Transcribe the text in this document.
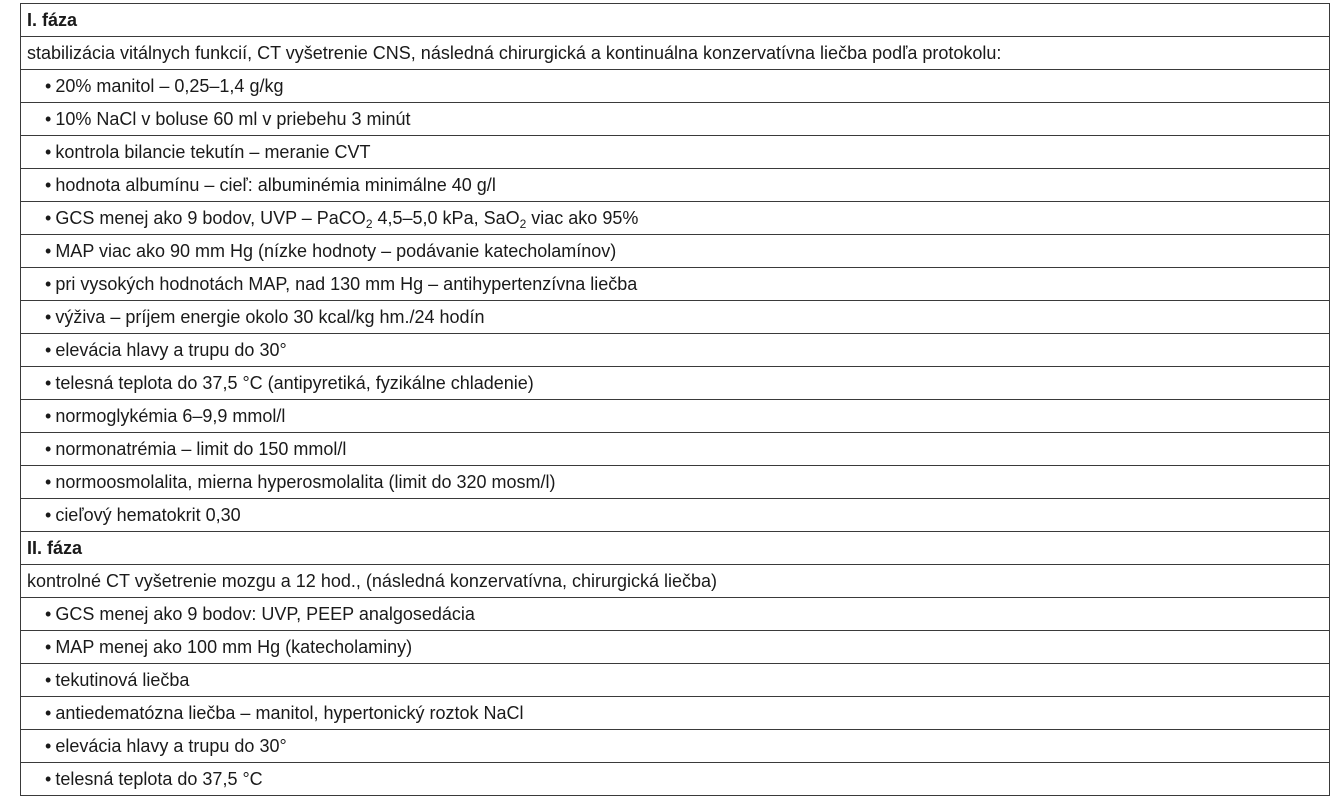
I. fáza
stabilizácia vitálnych funkcií, CT vyšetrenie CNS, následná chirurgická a kontinuálna konzervatívna liečba podľa protokolu:
• 20% manitol – 0,25–1,4 g/kg
• 10% NaCl v boluse 60 ml v priebehu 3 minút
• kontrola bilancie tekutín – meranie CVT
• hodnota albumínu – cieľ: albuminémia minimálne 40 g/l
• GCS menej ako 9 bodov, UVP – PaCO$_2$ 4,5–5,0 kPa, SaO$_2$ viac ako 95%
• MAP viac ako 90 mm Hg (nízke hodnoty – podávanie katecholamínov)
• pri vysokých hodnotách MAP, nad 130 mm Hg – antihypertenzívna liečba
• výživa – príjem energie okolo 30 kcal/kg hm./24 hodín
• elevácia hlavy a trupu do 30°
• telesná teplota do 37,5 °C (antipyretiká, fyzikálne chladenie)
• normoglykémia 6–9,9 mmol/l
• normonatrémia – limit do 150 mmol/l
• normoosmolalita, mierna hyperosmolalita (limit do 320 mosm/l)
• cieľový hematokrit 0,30
II. fáza
kontrolné CT vyšetrenie mozgu a 12 hod., (následná konzervatívna, chirurgická liečba)
• GCS menej ako 9 bodov: UVP, PEEP analgosedácia
• MAP menej ako 100 mm Hg (katecholaminy)
• tekutinová liečba
• antiedematózna liečba – manitol, hypertonický roztok NaCl
• elevácia hlavy a trupu do 30°
• telesná teplota do 37,5 °C
